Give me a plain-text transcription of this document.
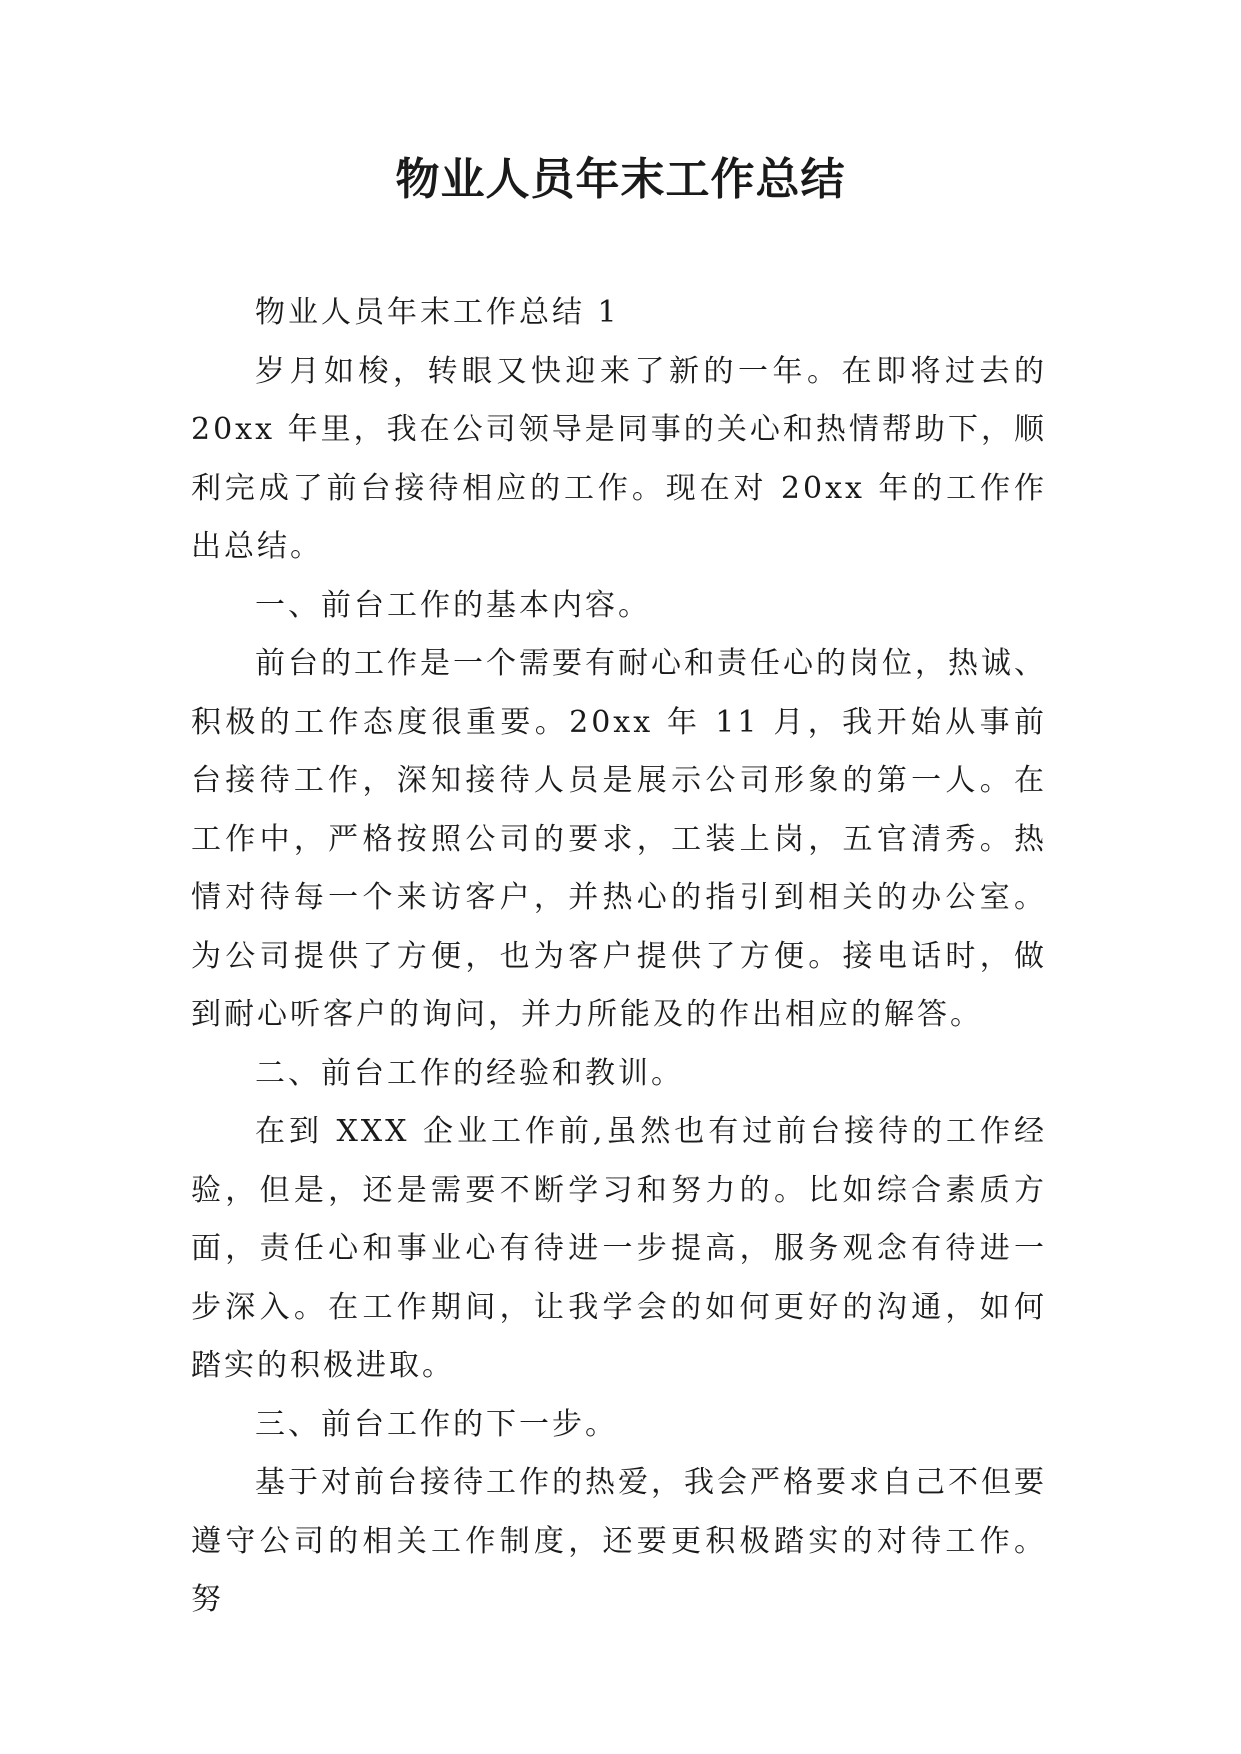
物业人员年末工作总结

物业人员年末工作总结 1

岁月如梭，转眼又快迎来了新的一年。在即将过去的 20xx 年里，我在公司领导是同事的关心和热情帮助下，顺利完成了前台接待相应的工作。现在对 20xx 年的工作作出总结。

一、前台工作的基本内容。

前台的工作是一个需要有耐心和责任心的岗位，热诚、积极的工作态度很重要。20xx 年 11 月，我开始从事前台接待工作，深知接待人员是展示公司形象的第一人。在工作中，严格按照公司的要求，工装上岗，五官清秀。热情对待每一个来访客户，并热心的指引到相关的办公室。为公司提供了方便，也为客户提供了方便。接电话时，做到耐心听客户的询问，并力所能及的作出相应的解答。

二、前台工作的经验和教训。

在到 XXX 企业工作前,虽然也有过前台接待的工作经验，但是，还是需要不断学习和努力的。比如综合素质方面，责任心和事业心有待进一步提高，服务观念有待进一步深入。在工作期间，让我学会的如何更好的沟通，如何踏实的积极进取。

三、前台工作的下一步。

基于对前台接待工作的热爱，我会严格要求自己不但要遵守公司的相关工作制度，还要更积极踏实的对待工作。努
